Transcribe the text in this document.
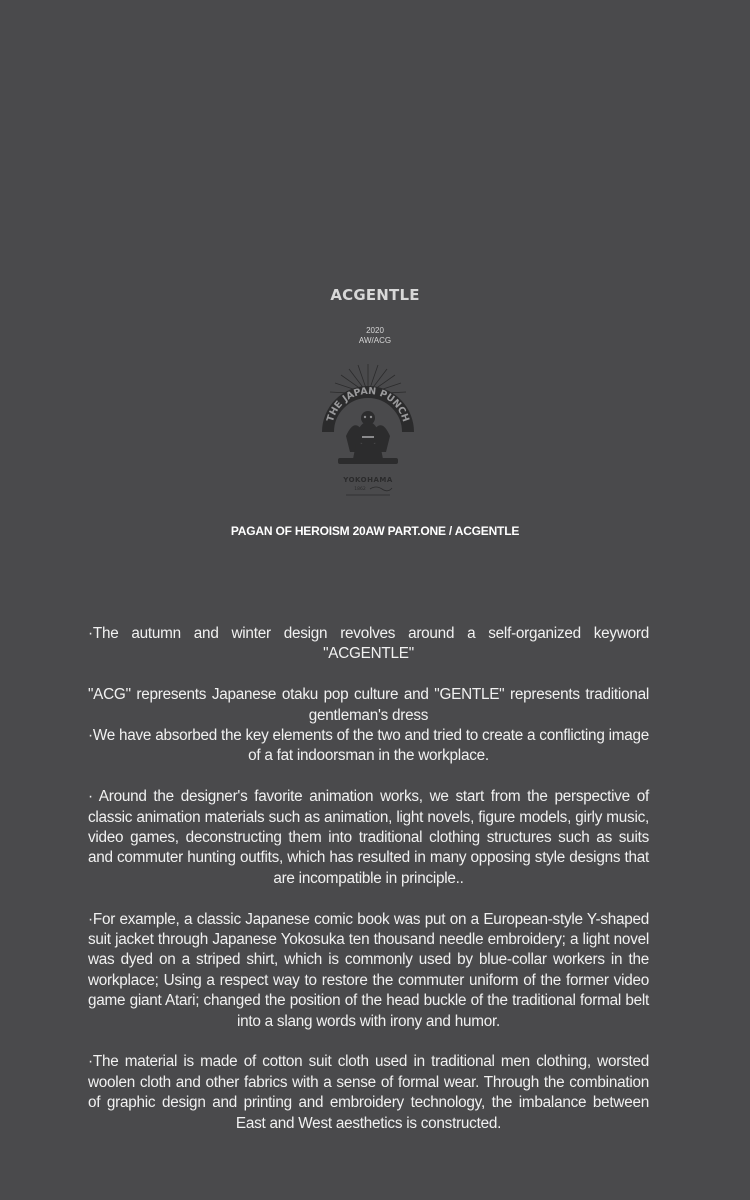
ACGENTLE
2020
AW/ACG
THE JAPAN PUNCH
YOKOHAMA
1862
PAGAN OF HEROISM 20AW PART.ONE / ACGENTLE

·The autumn and winter design revolves around a self-organized keyword "ACGENTLE"

"ACG" represents Japanese otaku pop culture and "GENTLE" represents traditional gentleman's dress

·We have absorbed the key elements of the two and tried to create a conflicting image of a fat indoorsman in the workplace.

· Around the designer's favorite animation works, we start from the perspective of classic animation materials such as animation, light novels, figure models, girly music, video games, deconstructing them into traditional clothing structures such as suits and commuter hunting outfits, which has resulted in many opposing style designs that are incompatible in principle..

·For example, a classic Japanese comic book was put on a European-style Y-shaped suit jacket through Japanese Yokosuka ten thousand needle embroidery; a light novel was dyed on a striped shirt, which is commonly used by blue-collar workers in the workplace; Using a respect way to restore the commuter uniform of the former video game giant Atari; changed the position of the head buckle of the traditional formal belt into a slang words with irony and humor.

·The material is made of cotton suit cloth used in traditional men clothing, worsted woolen cloth and other fabrics with a sense of formal wear. Through the combination of graphic design and printing and embroidery technology, the imbalance between East and West aesthetics is constructed.
